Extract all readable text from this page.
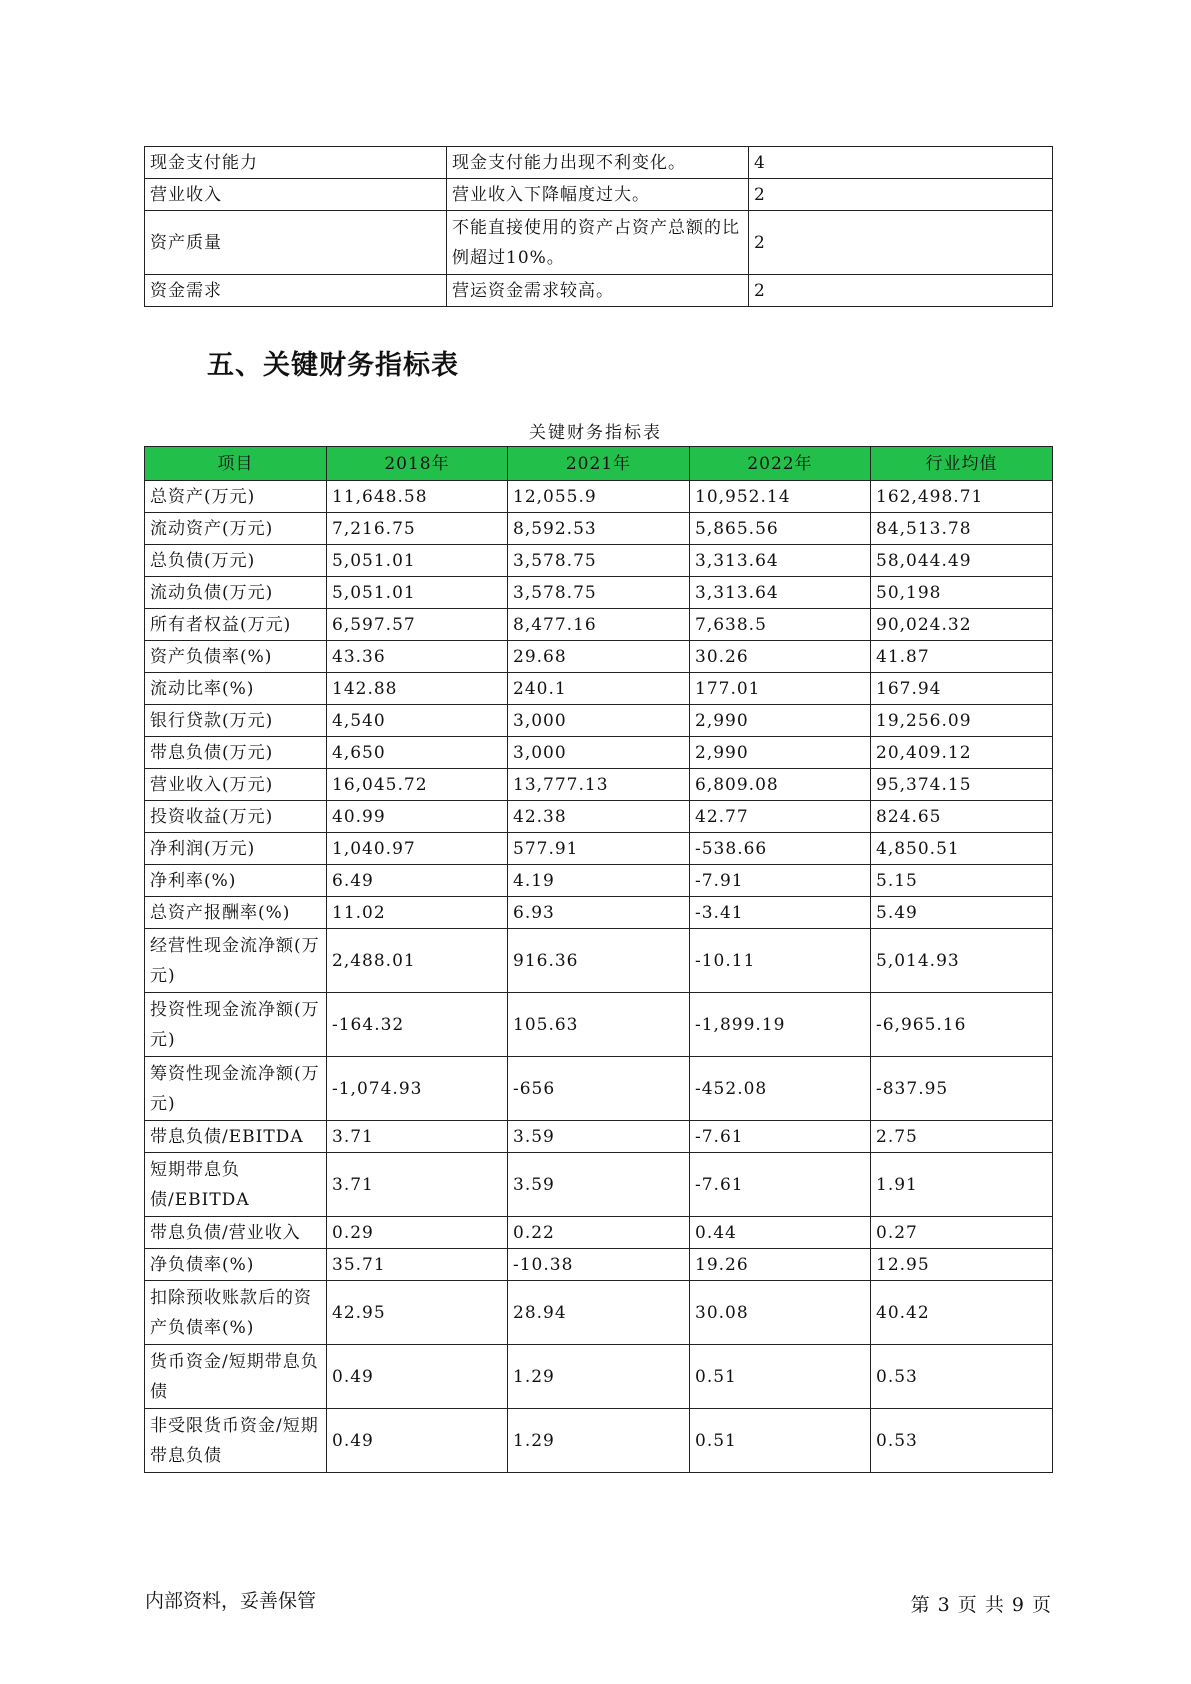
现金支付能力	现金支付能力出现不利变化。	4
营业收入	营业收入下降幅度过大。	2
资产质量	不能直接使用的资产占资产总额的比例超过10%。	2
资金需求	营运资金需求较高。	2
五、关键财务指标表
关键财务指标表
项目	2018年	2021年	2022年	行业均值
总资产(万元)	11,648.58	12,055.9	10,952.14	162,498.71
流动资产(万元)	7,216.75	8,592.53	5,865.56	84,513.78
总负债(万元)	5,051.01	3,578.75	3,313.64	58,044.49
流动负债(万元)	5,051.01	3,578.75	3,313.64	50,198
所有者权益(万元)	6,597.57	8,477.16	7,638.5	90,024.32
资产负债率(%)	43.36	29.68	30.26	41.87
流动比率(%)	142.88	240.1	177.01	167.94
银行贷款(万元)	4,540	3,000	2,990	19,256.09
带息负债(万元)	4,650	3,000	2,990	20,409.12
营业收入(万元)	16,045.72	13,777.13	6,809.08	95,374.15
投资收益(万元)	40.99	42.38	42.77	824.65
净利润(万元)	1,040.97	577.91	-538.66	4,850.51
净利率(%)	6.49	4.19	-7.91	5.15
总资产报酬率(%)	11.02	6.93	-3.41	5.49
经营性现金流净额(万元)	2,488.01	916.36	-10.11	5,014.93
投资性现金流净额(万元)	-164.32	105.63	-1,899.19	-6,965.16
筹资性现金流净额(万元)	-1,074.93	-656	-452.08	-837.95
带息负债/EBITDA	3.71	3.59	-7.61	2.75
短期带息负债/EBITDA	3.71	3.59	-7.61	1.91
带息负债/营业收入	0.29	0.22	0.44	0.27
净负债率(%)	35.71	-10.38	19.26	12.95
扣除预收账款后的资产负债率(%)	42.95	28.94	30.08	40.42
货币资金/短期带息负债	0.49	1.29	0.51	0.53
非受限货币资金/短期带息负债	0.49	1.29	0.51	0.53
内部资料，妥善保管	第 3 页 共 9 页
